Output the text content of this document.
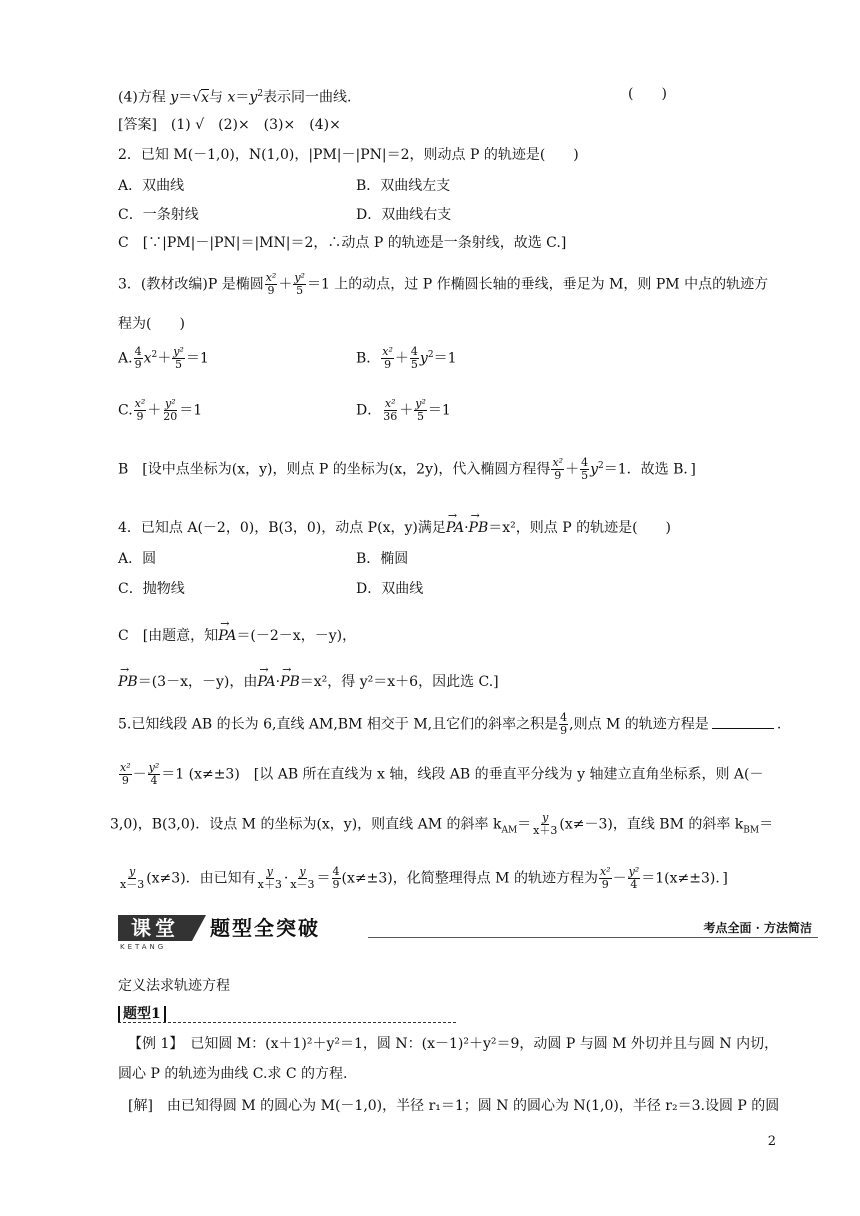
(4)方程 y＝√x与 $x=y^2$表示同一曲线.	(　　)
[答案]　(1) √　(2)×　(3)×　(4)×
2．已知 M(－1,0)，N(1,0)，|PM|－|PN|＝2，则动点 P 的轨迹是(　　)
A．双曲线	B．双曲线左支
C．一条射线	D．双曲线右支
C　[∵|PM|－|PN|＝|MN|＝2，∴动点 P 的轨迹是一条射线，故选 C.]
3．(教材改编)P 是椭圆 $\frac{\text{x²}}{9} + \frac{\text{y²}}{5} =1$ 上的动点，过 P 作椭圆长轴的垂线，垂足为 M，则 PM 中点的轨迹方
程为(　　)
A. $\frac{4}{9} x^2+ \frac{\text{y²}}{5} =1$	B． $\frac{\text{x²}}{9} + \frac{4}{5} y^2=1$
C. $\frac{\text{x²}}{9} + \frac{\text{y²}}{20} =1$	D． $\frac{\text{x²}}{36} + \frac{\text{y²}}{5} =1$
B　[设中点坐标为(x，y)，则点 P 的坐标为(x，2y)，代入椭圆方程得 $\frac{\text{x²}}{9} + \frac{4}{5} y^2=1$．故选 B．]
4．已知点 A(－2，0)，B(3，0)，动点 P(x，y)满足→ PA·→ PB＝x²，则点 P 的轨迹是(　　)
A．圆	B．椭圆
C．抛物线	D．双曲线
C　[由题意，知→ PA＝(－2－x，－y)，
→ PB＝(3－x，－y)，由→ PA·→ PB＝x²，得 y²＝x＋6，因此选 C.]
5.已知线段 AB 的长为 6,直线 AM,BM 相交于 M,且它们的斜率之积是 $\frac{4}{9}$ ,则点 M 的轨迹方程是	.
$\frac{\text{x²}}{9} - \frac{\text{y²}}{4} =1$ (x≠±3)　[以 AB 所在直线为 x 轴，线段 AB 的垂直平分线为 y 轴建立直角坐标系，则 A(－
3,0)，B(3,0)．设点 M 的坐标为(x，y)，则直线 AM 的斜率 $k_{AM}= \frac{y}{x+3} (x\ne-3)$，直线 BM 的斜率 $k_{BM}=$
$\frac{y}{x-3} (x\ne 3)$．由已知有 $\frac{y}{x+3} \cdot \frac{y}{x-3} = \frac{4}{9} (x\ne\pm 3)$，化简整理得点 M 的轨迹方程为 $\frac{\text{x²}}{9} - \frac{\text{y²}}{4} =1(x\ne\pm 3)$．]
课堂
KETANG
题型全突破	考点全面 · 方法简洁
定义法求轨迹方程
题型1
【例 1】　已知圆 M：(x＋1)²＋y²＝1，圆 N：(x－1)²＋y²＝9，动圆 P 与圆 M 外切并且与圆 N 内切，
圆心 P 的轨迹为曲线 C.求 C 的方程.
[解]　由已知得圆 M 的圆心为 M(－1,0)，半径 r₁＝1；圆 N 的圆心为 N(1,0)，半径 r₂＝3.设圆 P 的圆
2
